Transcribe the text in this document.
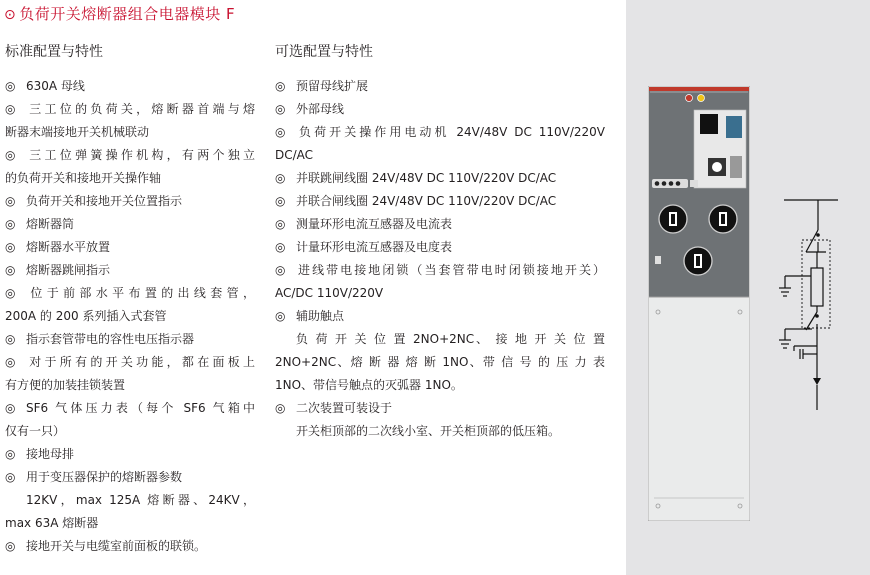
⊙ 负荷开关熔断器组合电器模块 F
标准配置与特性
◎ 630A 母线
◎ 三工位的负荷关，熔断器首端与熔
断器末端接地开关机械联动
◎ 三工位弹簧操作机构，有两个独立
的负荷开关和接地开关操作轴
◎ 负荷开关和接地开关位置指示
◎ 熔断器筒
◎ 熔断器水平放置
◎ 熔断器跳闸指示
◎ 位于前部水平布置的出线套管，
200A 的 200 系列插入式套管
◎ 指示套管带电的容性电压指示器
◎ 对于所有的开关功能，都在面板上
有方便的加装挂锁装置
◎ SF6 气体压力表（每个 SF6 气箱中
仅有一只）
◎ 接地母排
◎ 用于变压器保护的熔断器参数
12KV，max 125A 熔断器、24KV，
max 63A 熔断器
◎ 接地开关与电缆室前面板的联锁。
可选配置与特性
◎ 预留母线扩展
◎ 外部母线
◎ 负荷开关操作用电动机 24V/48V DC 110V/220V
DC/AC
◎ 并联跳闸线圈 24V/48V DC 110V/220V DC/AC
◎ 并联合闸线圈 24V/48V DC 110V/220V DC/AC
◎ 测量环形电流互感器及电流表
◎ 计量环形电流互感器及电度表
◎ 进线带电接地闭锁（当套管带电时闭锁接地开关）
AC/DC 110V/220V
◎ 辅助触点
负 荷 开 关 位 置 2NO+2NC、 接 地 开 关 位 置
2NO+2NC、熔 断 器 熔 断 1NO、带 信 号 的 压 力 表
1NO、带信号触点的灭弧器 1NO。
◎ 二次装置可装设于
开关柜顶部的二次线小室、开关柜顶部的低压箱。
